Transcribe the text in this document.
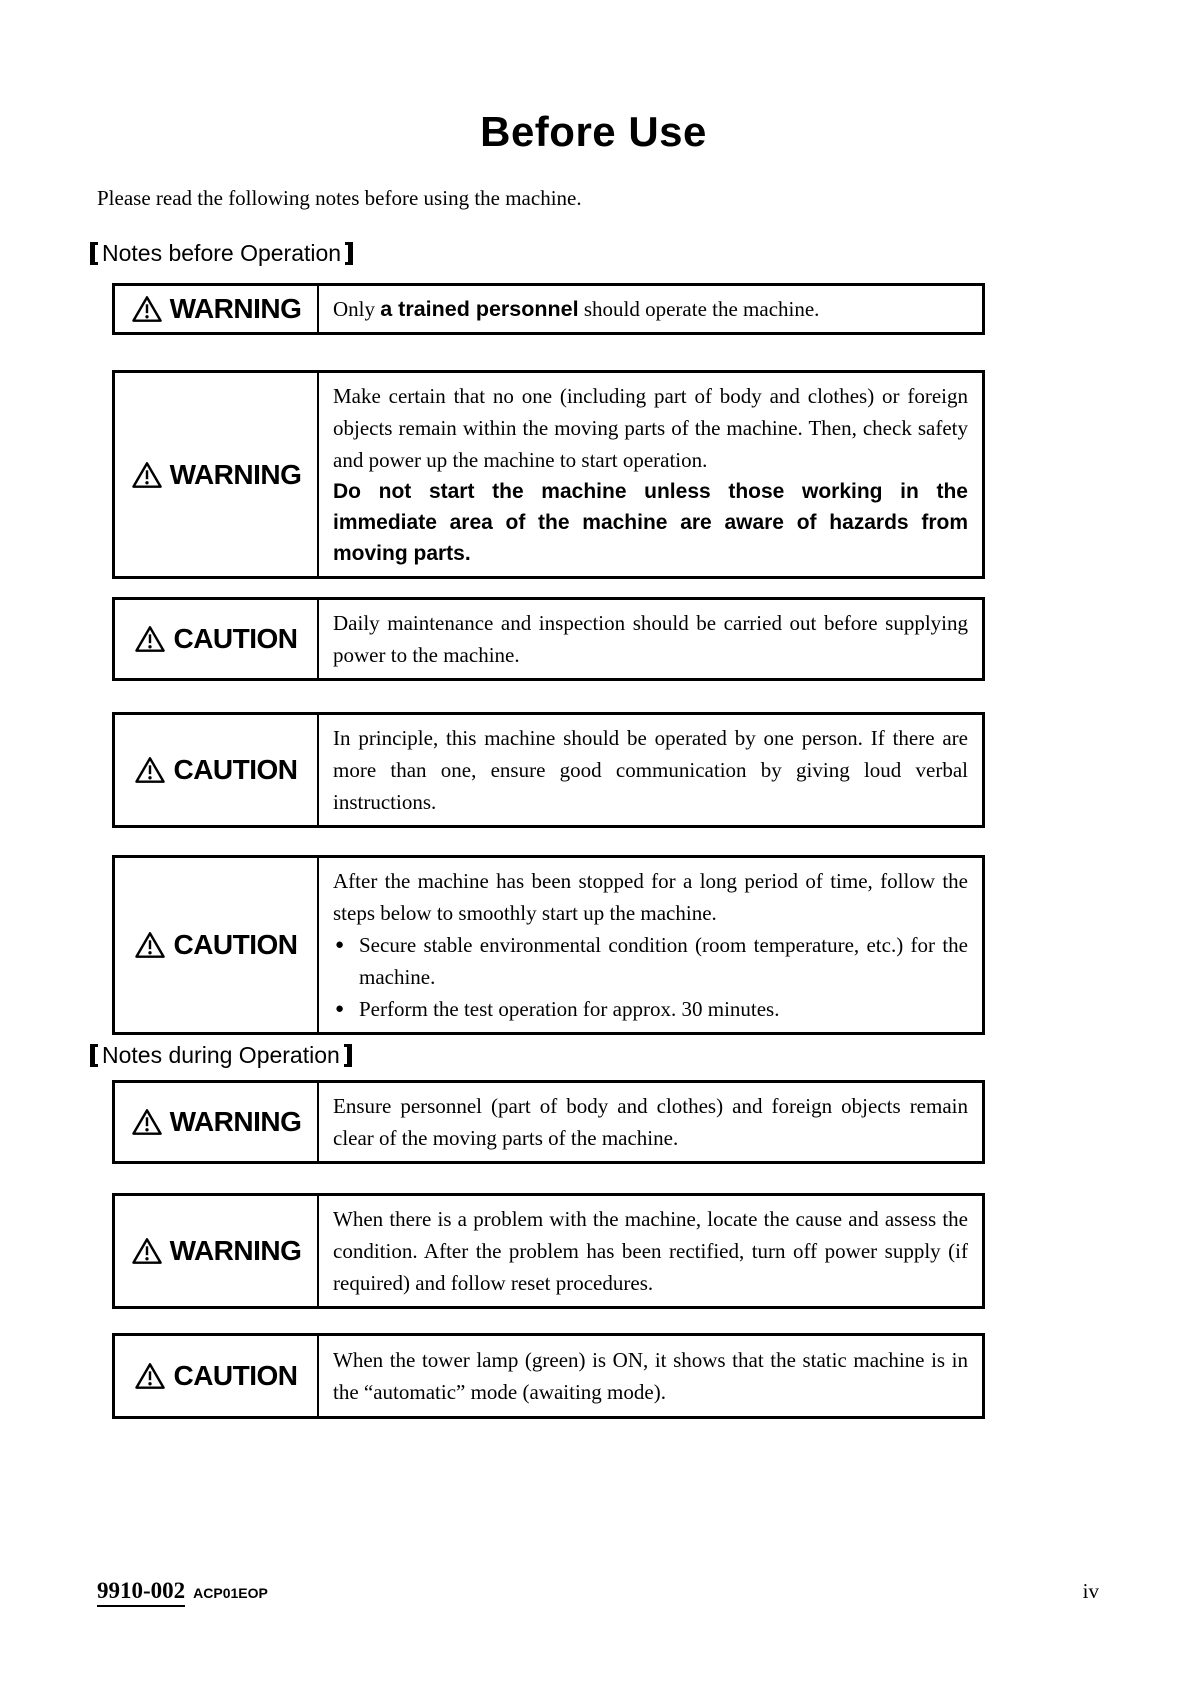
Before Use

Please read the following notes before using the machine.

Notes before Operation
WARNING Only a trained personnel should operate the machine.

WARNING

Make certain that no one (including part of body and clothes) or foreign objects remain within the moving parts of the machine. Then, check safety and power up the machine to start operation.

Do not start the machine unless those working in the immediate area of the machine are aware of hazards from moving parts.

CAUTION Daily maintenance and inspection should be carried out before supplying power to the machine.

CAUTION

In principle, this machine should be operated by one person. If there are more than one, ensure good communication by giving loud verbal instructions.

CAUTION

After the machine has been stopped for a long period of time, follow the steps below to smoothly start up the machine.

● Secure stable environmental condition (room temperature, etc.) for the machine.
● Perform the test operation for approx. 30 minutes.
Notes during Operation
WARNING Ensure personnel (part of body and clothes) and foreign objects remain clear of the moving parts of the machine.

WARNING

When there is a problem with the machine, locate the cause and assess the condition. After the problem has been rectified, turn off power supply (if required) and follow reset procedures.

CAUTION When the tower lamp (green) is ON, it shows that the static machine is in the “automatic” mode (awaiting mode).

9910-002 ACP01EOP	iv
